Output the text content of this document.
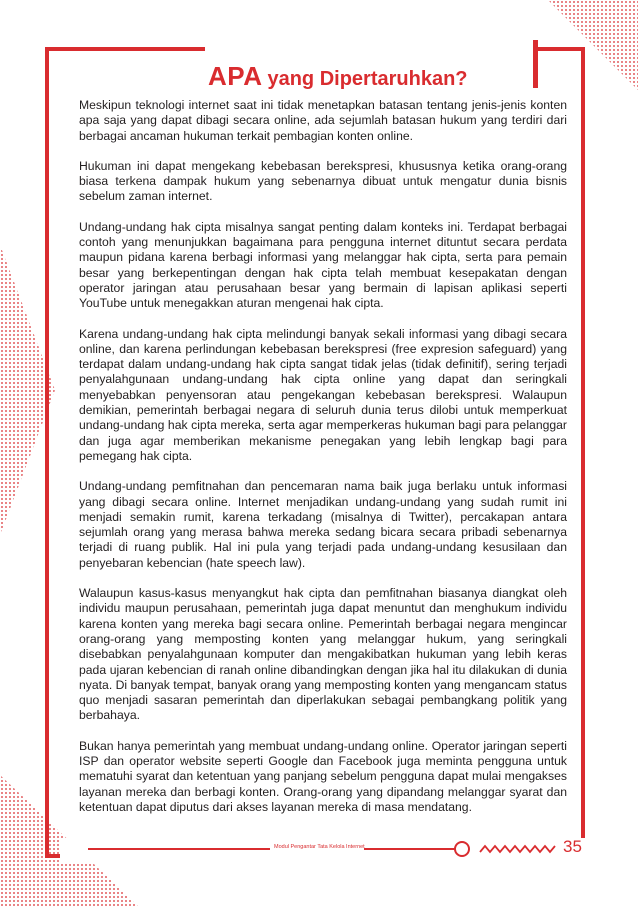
APA yang Dipertaruhkan?

Meskipun teknologi internet saat ini tidak menetapkan batasan tentang jenis-jenis konten apa saja yang dapat dibagi secara online, ada sejumlah batasan hukum yang terdiri dari berbagai ancaman hukuman terkait pembagian konten online.

Hukuman ini dapat mengekang kebebasan berekspresi, khususnya ketika orang-orang biasa terkena dampak hukum yang sebenarnya dibuat untuk mengatur dunia bisnis sebelum zaman internet.

Undang-undang hak cipta misalnya sangat penting dalam konteks ini. Terdapat berbagai contoh yang menunjukkan bagaimana para pengguna internet dituntut secara perdata maupun pidana karena berbagi informasi yang melanggar hak cipta, serta para pemain besar yang berkepentingan dengan hak cipta telah membuat kesepakatan dengan operator jaringan atau perusahaan besar yang bermain di lapisan aplikasi seperti YouTube untuk menegakkan aturan mengenai hak cipta.

Karena undang-undang hak cipta melindungi banyak sekali informasi yang dibagi secara online, dan karena perlindungan kebebasan berekspresi (free expresion safeguard) yang terdapat dalam undang-undang hak cipta sangat tidak jelas (tidak definitif), sering terjadi penyalahgunaan undang-undang hak cipta online yang dapat dan seringkali menyebabkan penyensoran atau pengekangan kebebasan berekspresi. Walaupun demikian, pemerintah berbagai negara di seluruh dunia terus dilobi untuk memperkuat undang-undang hak cipta mereka, serta agar memperkeras hukuman bagi para pelanggar dan juga agar memberikan mekanisme penegakan yang lebih lengkap bagi para pemegang hak cipta.

Undang-undang pemfitnahan dan pencemaran nama baik juga berlaku untuk informasi yang dibagi secara online. Internet menjadikan undang-undang yang sudah rumit ini menjadi semakin rumit, karena terkadang (misalnya di Twitter), percakapan antara sejumlah orang yang merasa bahwa mereka sedang bicara secara pribadi sebenarnya terjadi di ruang publik. Hal ini pula yang terjadi pada undang-undang kesusilaan dan penyebaran kebencian (hate speech law).

Walaupun kasus-kasus menyangkut hak cipta dan pemfitnahan biasanya diangkat oleh individu maupun perusahaan, pemerintah juga dapat menuntut dan menghukum individu karena konten yang mereka bagi secara online. Pemerintah berbagai negara mengincar orang-orang yang memposting konten yang melanggar hukum, yang seringkali disebabkan penyalahgunaan komputer dan mengakibatkan hukuman yang lebih keras pada ujaran kebencian di ranah online dibandingkan dengan jika hal itu dilakukan di dunia nyata. Di banyak tempat, banyak orang yang memposting konten yang mengancam status quo menjadi sasaran pemerintah dan diperlakukan sebagai pembangkang politik yang berbahaya.

Bukan hanya pemerintah yang membuat undang-undang online. Operator jaringan seperti ISP dan operator website seperti Google dan Facebook juga meminta pengguna untuk mematuhi syarat dan ketentuan yang panjang sebelum pengguna dapat mulai mengakses layanan mereka dan berbagi konten. Orang-orang yang dipandang melanggar syarat dan ketentuan dapat diputus dari akses layanan mereka di masa mendatang.

Modul Pengantar Tata Kelola Internet	35
